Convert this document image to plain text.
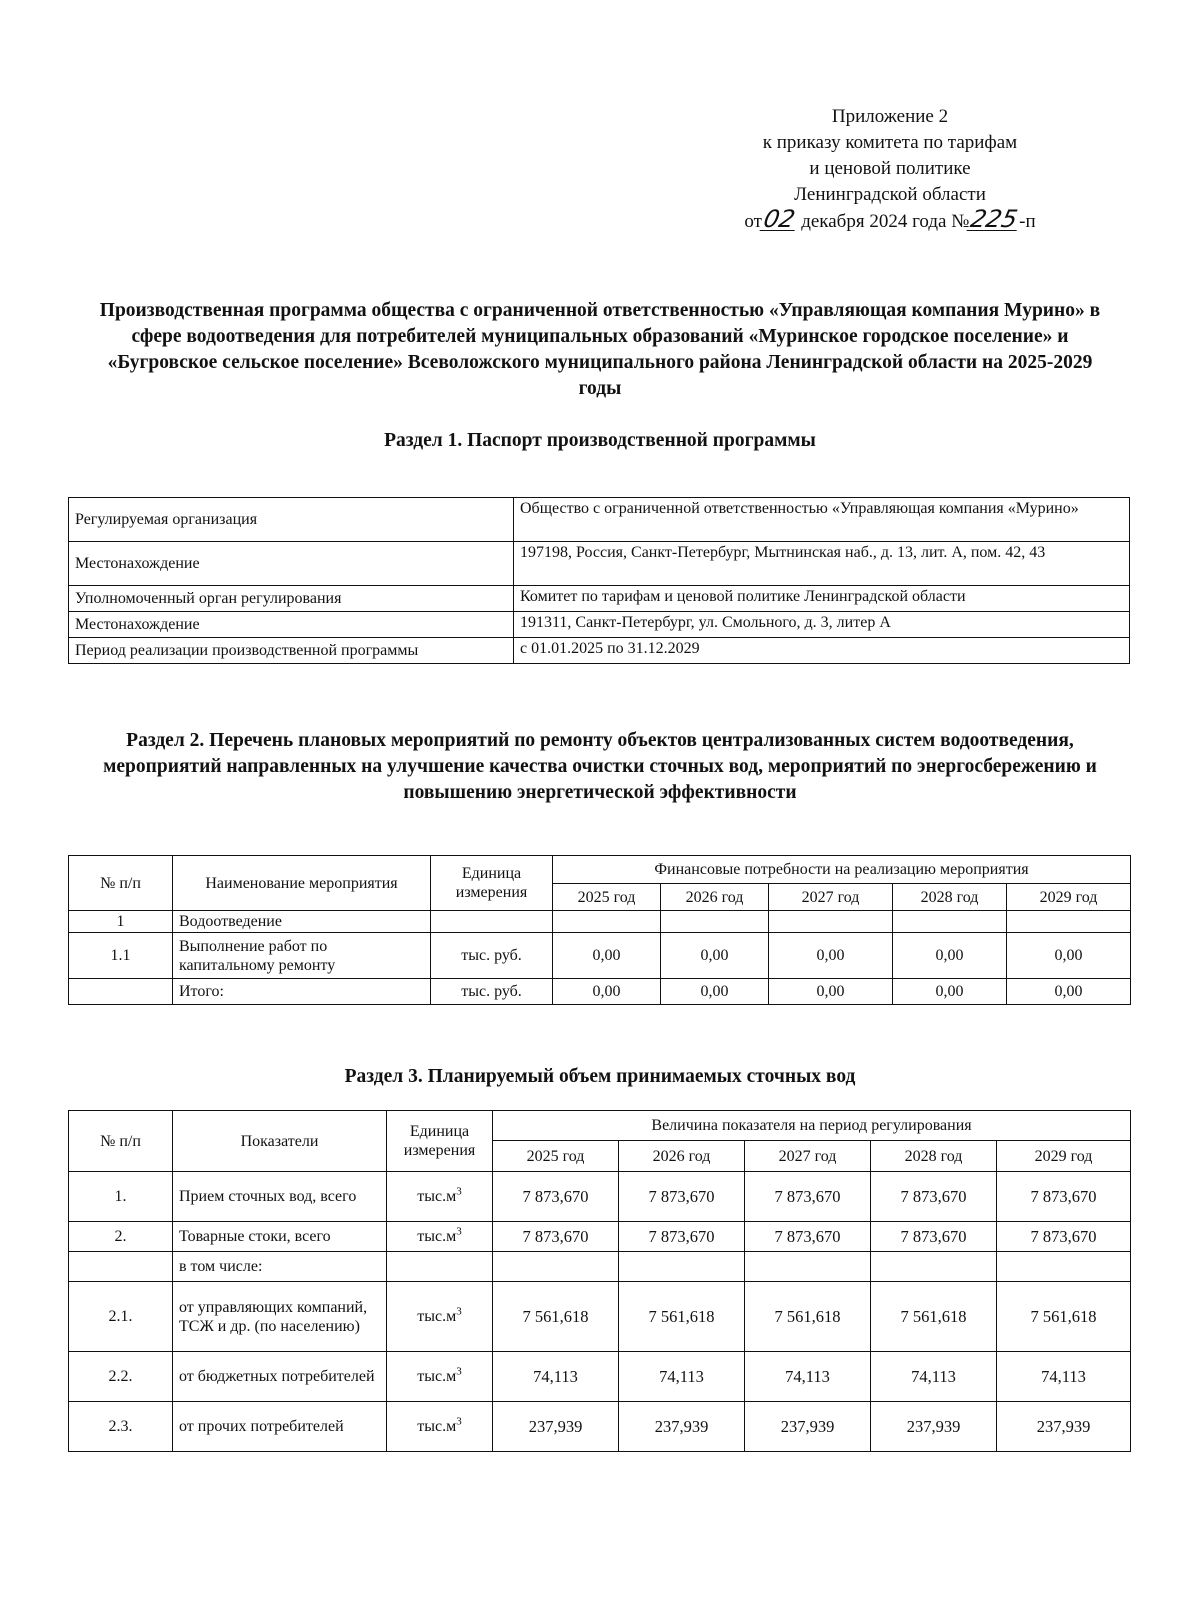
Приложение 2
к приказу комитета по тарифам
и ценовой политике
Ленинградской области
от02 декабря 2024 года №225-п
Производственная программа общества с ограниченной ответственностью «Управляющая компания Мурино» в сфере водоотведения для потребителей муниципальных образований «Муринское городское поселение» и «Бугровское сельское поселение» Всеволожского муниципального района Ленинградской области на 2025-2029 годы
Раздел 1. Паспорт производственной программы
Регулируемая организация	Общество с ограниченной ответственностью «Управляющая компания «Мурино»
Местонахождение	197198, Россия, Санкт-Петербург, Мытнинская наб., д. 13, лит. А, пом. 42, 43
Уполномоченный орган регулирования	Комитет по тарифам и ценовой политике Ленинградской области
Местонахождение	191311, Санкт-Петербург, ул. Смольного, д. 3, литер А
Период реализации производственной программы	с 01.01.2025 по 31.12.2029
Раздел 2. Перечень плановых мероприятий по ремонту объектов централизованных систем водоотведения, мероприятий направленных на улучшение качества очистки сточных вод, мероприятий по энергосбережению и повышению энергетической эффективности
№ п/п	Наименование мероприятия	Единица измерения	Финансовые потребности на реализацию мероприятия				
			2025 год	2026 год	2027 год	2028 год	2029 год
1	Водоотведение						
1.1	Выполнение работ по капитальному ремонту	тыс. руб.	0,00	0,00	0,00	0,00	0,00
	Итого:	тыс. руб.	0,00	0,00	0,00	0,00	0,00
Раздел 3. Планируемый объем принимаемых сточных вод
№ п/п	Показатели	Единица измерения	Величина показателя на период регулирования				
			2025 год	2026 год	2027 год	2028 год	2029 год
1.	Прием сточных вод, всего	$тыс.м^3$	7 873,670	7 873,670	7 873,670	7 873,670	7 873,670
2.	Товарные стоки, всего	$тыс.м^3$	7 873,670	7 873,670	7 873,670	7 873,670	7 873,670
	в том числе:						
2.1.	от управляющих компаний, ТСЖ и др. (по населению)	$тыс.м^3$	7 561,618	7 561,618	7 561,618	7 561,618	7 561,618
2.2.	от бюджетных потребителей	$тыс.м^3$	74,113	74,113	74,113	74,113	74,113
2.3.	от прочих потребителей	$тыс.м^3$	237,939	237,939	237,939	237,939	237,939
